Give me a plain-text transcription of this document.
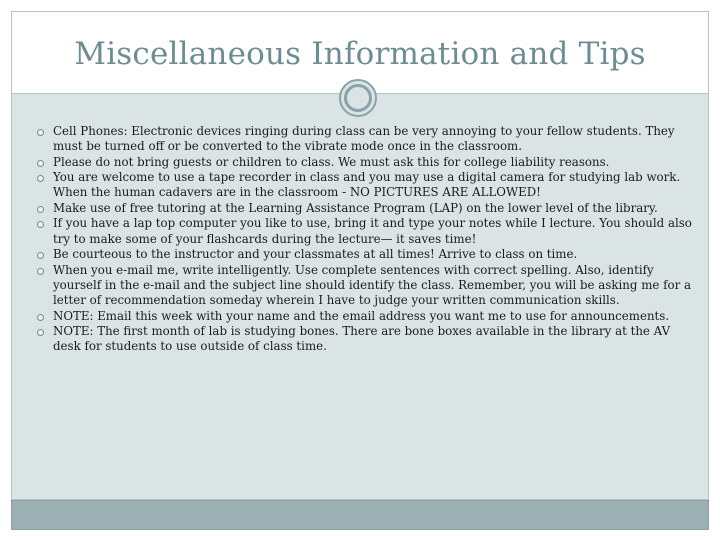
Miscellaneous Information and Tips
Cell Phones: Electronic devices ringing during class can be very annoying to your fellow students. They must be turned off or be converted to the vibrate mode once in the classroom.
Please do not bring guests or children to class. We must ask this for college liability reasons.
You are welcome to use a tape recorder in class and you may use a digital camera for studying lab work. When the human cadavers are in the classroom - NO PICTURES ARE ALLOWED!
Make use of free tutoring at the Learning Assistance Program (LAP) on the lower level of the library.
If you have a lap top computer you like to use, bring it and type your notes while I lecture. You should also try to make some of your flashcards during the lecture— it saves time!
Be courteous to the instructor and your classmates at all times! Arrive to class on time.
When you e-mail me, write intelligently. Use complete sentences with correct spelling. Also, identify yourself in the e-mail and the subject line should identify the class. Remember, you will be asking me for a letter of recommendation someday wherein I have to judge your written communication skills.
NOTE: Email this week with your name and the email address you want me to use for announcements.
NOTE: The first month of lab is studying bones. There are bone boxes available in the library at the AV desk for students to use outside of class time.
